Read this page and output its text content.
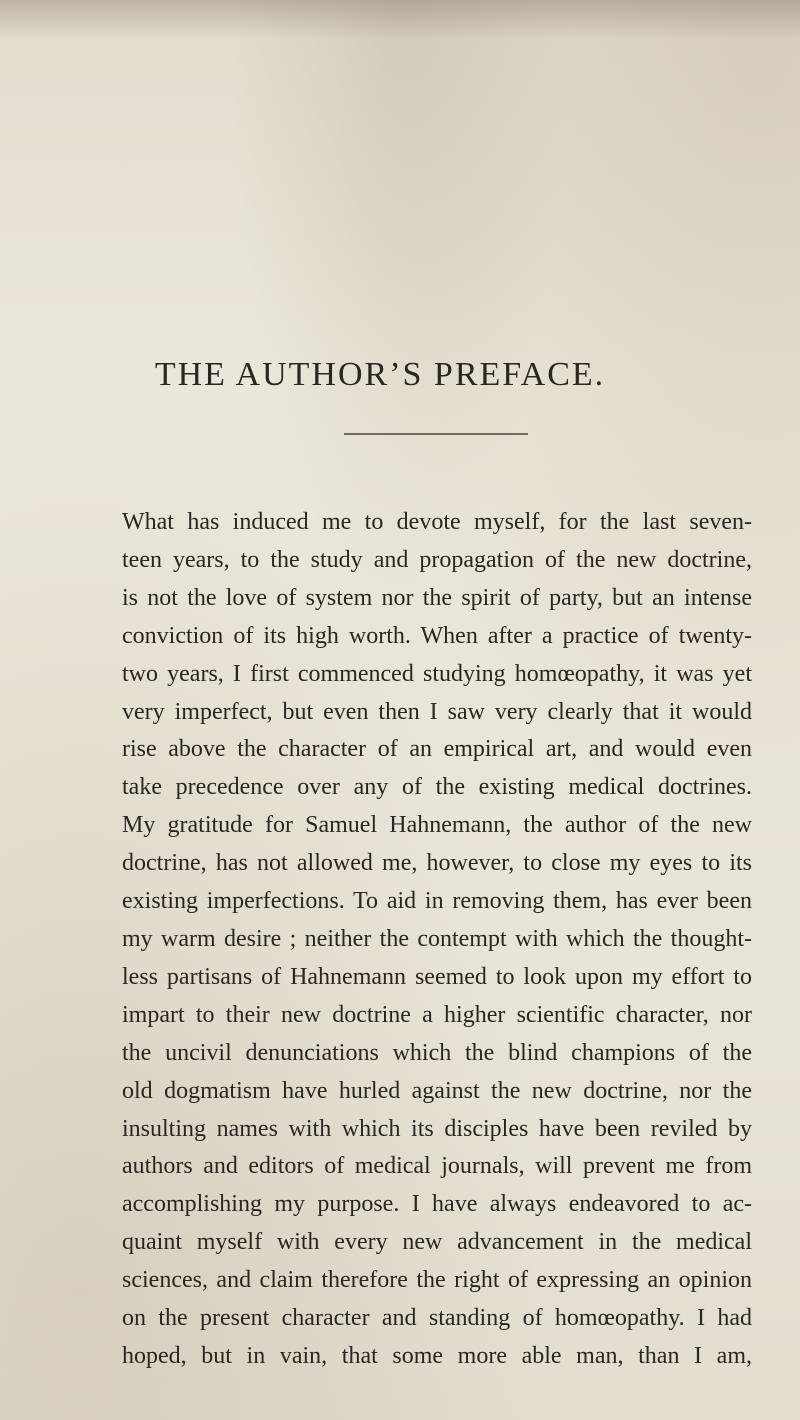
THE AUTHOR’S PREFACE.
What has induced me to devote myself, for the last seven-
teen years, to the study and propagation of the new doctrine,
is not the love of system nor the spirit of party, but an intense
conviction of its high worth. When after a practice of twenty-
two years, I first commenced studying homœopathy, it was yet
very imperfect, but even then I saw very clearly that it would
rise above the character of an empirical art, and would even
take precedence over any of the existing medical doctrines.
My gratitude for Samuel Hahnemann, the author of the new
doctrine, has not allowed me, however, to close my eyes to its
existing imperfections. To aid in removing them, has ever been
my warm desire ; neither the contempt with which the thought-
less partisans of Hahnemann seemed to look upon my effort to
impart to their new doctrine a higher scientific character, nor
the uncivil denunciations which the blind champions of the
old dogmatism have hurled against the new doctrine, nor the
insulting names with which its disciples have been reviled by
authors and editors of medical journals, will prevent me from
accomplishing my purpose. I have always endeavored to ac-
quaint myself with every new advancement in the medical
sciences, and claim therefore the right of expressing an opinion
on the present character and standing of homœopathy. I had
hoped, but in vain, that some more able man, than I am,
